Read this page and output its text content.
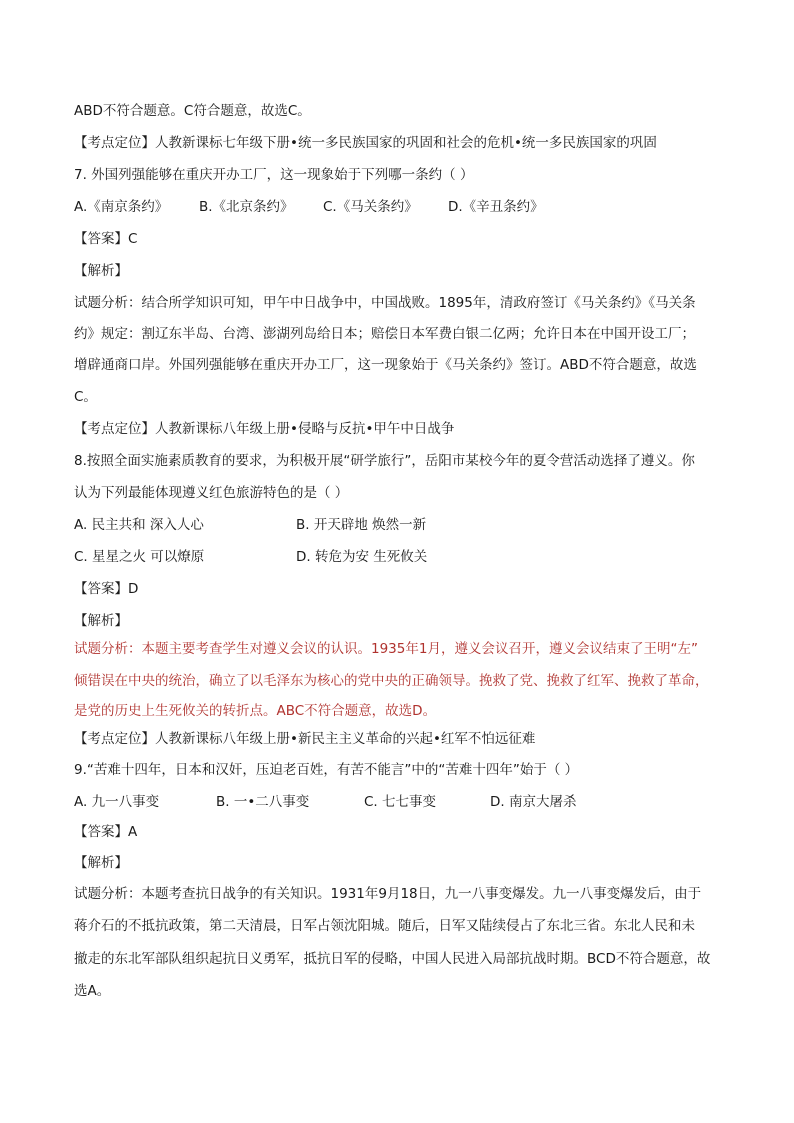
ABD不符合题意。C符合题意，故选C。
【考点定位】人教新课标七年级下册•统一多民族国家的巩固和社会的危机•统一多民族国家的巩固
7. 外国列强能够在重庆开办工厂，这一现象始于下列哪一条约（ ）
A.《南京条约》 B.《北京条约》 C.《马关条约》 D.《辛丑条约》
【答案】C
【解析】
试题分析：结合所学知识可知，甲午中日战争中，中国战败。1895年，清政府签订《马关条约》《马关条
约》规定：割辽东半岛、台湾、澎湖列岛给日本；赔偿日本军费白银二亿两；允许日本在中国开设工厂；
增辟通商口岸。外国列强能够在重庆开办工厂，这一现象始于《马关条约》签订。ABD不符合题意，故选
C。
【考点定位】人教新课标八年级上册•侵略与反抗•甲午中日战争
8.按照全面实施素质教育的要求，为积极开展“研学旅行”，岳阳市某校今年的夏令营活动选择了遵义。你
认为下列最能体现遵义红色旅游特色的是（ ）
A. 民主共和 深入人心	B. 开天辟地 焕然一新
C. 星星之火 可以燎原	D. 转危为安 生死攸关
【答案】D
【解析】
试题分析：本题主要考查学生对遵义会议的认识。1935年1月，遵义会议召开，遵义会议结束了王明“左”
倾错误在中央的统治，确立了以毛泽东为核心的党中央的正确领导。挽救了党、挽救了红军、挽救了革命，
是党的历史上生死攸关的转折点。ABC不符合题意，故选D。
【考点定位】人教新课标八年级上册•新民主主义革命的兴起•红军不怕远征难
9.“苦难十四年，日本和汉奸，压迫老百姓，有苦不能言”中的“苦难十四年”始于（ ）
A. 九一八事变	B. 一•二八事变	C. 七七事变	D. 南京大屠杀
【答案】A
【解析】
试题分析：本题考查抗日战争的有关知识。1931年9月18日，九一八事变爆发。九一八事变爆发后，由于
蒋介石的不抵抗政策，第二天清晨，日军占领沈阳城。随后，日军又陆续侵占了东北三省。东北人民和未
撤走的东北军部队组织起抗日义勇军，抵抗日军的侵略，中国人民进入局部抗战时期。BCD不符合题意，故
选A。
